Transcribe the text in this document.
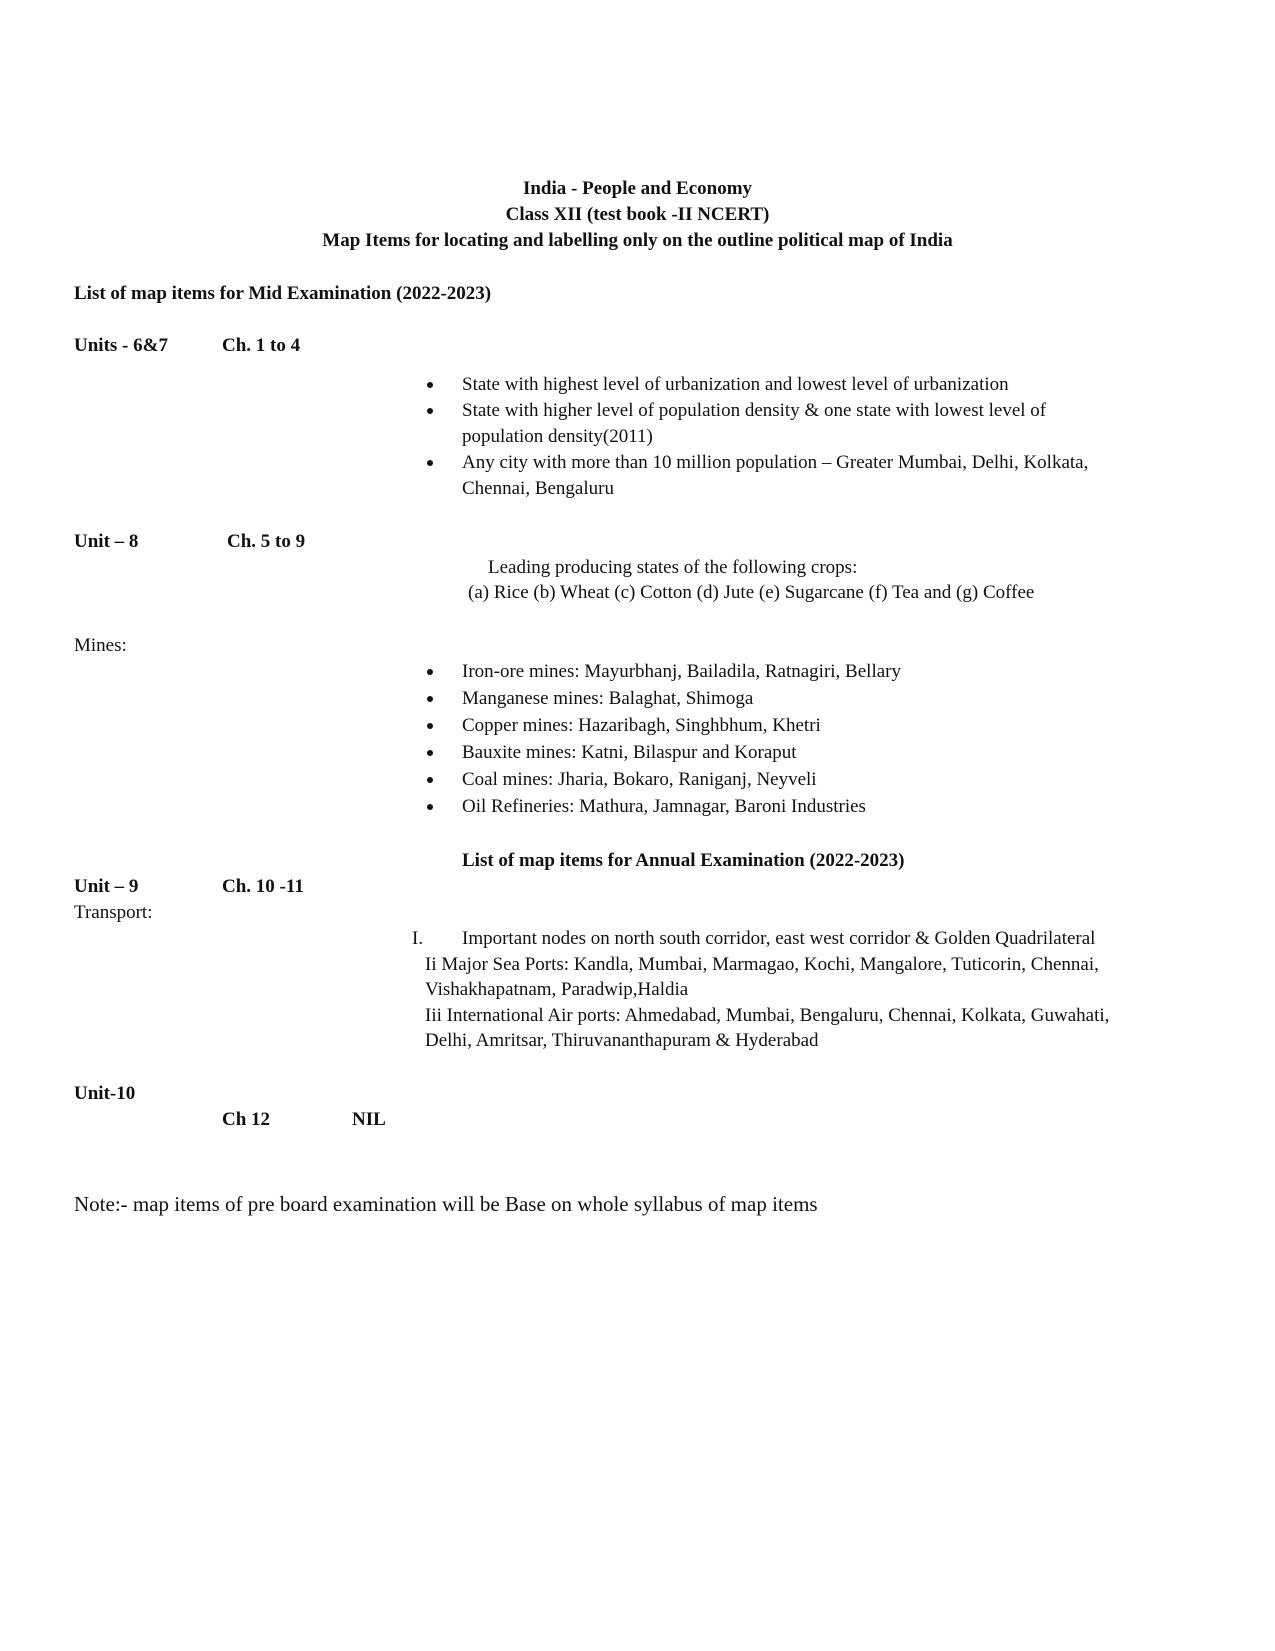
India - People and Economy
Class XII (test book -II NCERT)
Map Items for locating and labelling only on the outline political map of India
List of map items for Mid Examination (2022-2023)
Units - 6&7	Ch. 1 to 4
State with highest level of urbanization and lowest level of urbanization
State with higher level of population density & one state with lowest level of
population density(2011)
Any city with more than 10 million population – Greater Mumbai, Delhi, Kolkata,
Chennai, Bengaluru
Unit – 8	Ch. 5 to 9
Leading producing states of the following crops:
(a) Rice (b) Wheat (c) Cotton (d) Jute (e) Sugarcane (f) Tea and (g) Coffee
Mines:
Iron-ore mines: Mayurbhanj, Bailadila, Ratnagiri, Bellary
Manganese mines: Balaghat, Shimoga
Copper mines: Hazaribagh, Singhbhum, Khetri
Bauxite mines: Katni, Bilaspur and Koraput
Coal mines: Jharia, Bokaro, Raniganj, Neyveli
Oil Refineries: Mathura, Jamnagar, Baroni Industries
List of map items for Annual Examination (2022-2023)
Unit – 9	Ch. 10 -11
Transport:
I. Important nodes on north south corridor, east west corridor & Golden Quadrilateral
Ii Major Sea Ports: Kandla, Mumbai, Marmagao, Kochi, Mangalore, Tuticorin, Chennai,
Vishakhapatnam, Paradwip,Haldia
Iii International Air ports: Ahmedabad, Mumbai, Bengaluru, Chennai, Kolkata, Guwahati,
Delhi, Amritsar, Thiruvananthapuram & Hyderabad
Unit-10
Ch 12	NIL
Note:- map items of pre board examination will be Base on whole syllabus of map items
